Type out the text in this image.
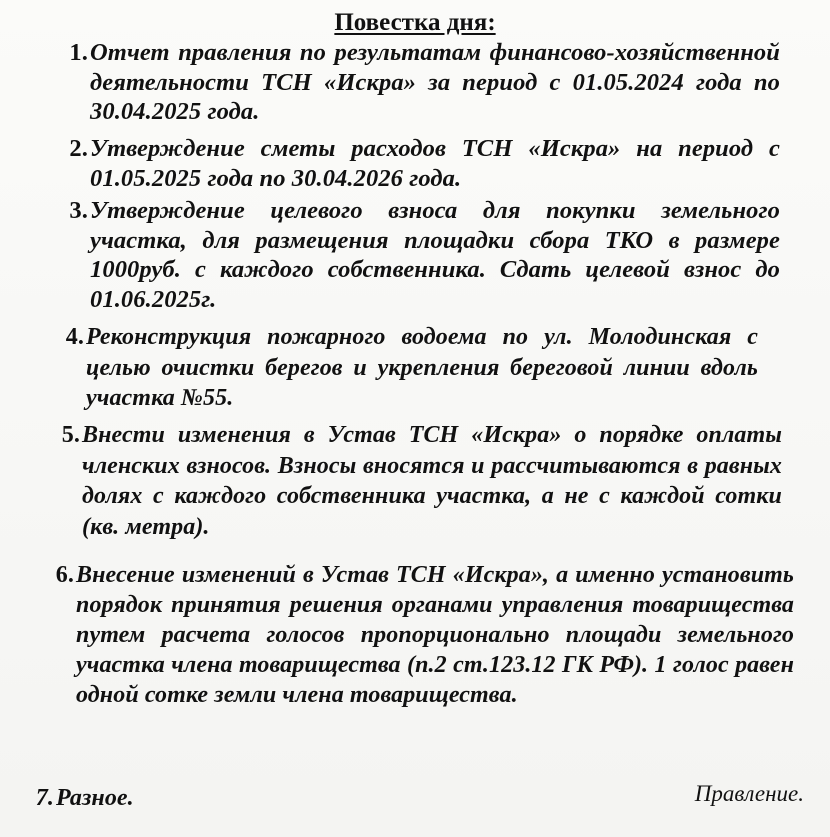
Повестка дня:
1. Отчет правления по результатам финансово-хозяйственной деятельности ТСН «Искра» за период с 01.05.2024 года по 30.04.2025 года.
2. Утверждение сметы расходов ТСН «Искра» на период с 01.05.2025 года по 30.04.2026 года.
3. Утверждение целевого взноса для покупки земельного участка, для размещения площадки сбора ТКО в размере 1000руб. с каждого собственника. Сдать целевой взнос до 01.06.2025г.
4. Реконструкция пожарного водоема по ул. Молодинская с целью очистки берегов и укрепления береговой линии вдоль участка №55.
5. Внести изменения в Устав ТСН «Искра» о порядке оплаты членских взносов. Взносы вносятся и рассчитываются в равных долях с каждого собственника участка, а не с каждой сотки (кв. метра).
6. Внесение изменений в Устав ТСН «Искра», а именно установить порядок принятия решения органами управления товарищества путем расчета голосов пропорционально площади земельного участка члена товарищества (п.2 ст.123.12 ГК РФ). 1 голос равен одной сотке земли члена товарищества.
7. Разное.	Правление.
